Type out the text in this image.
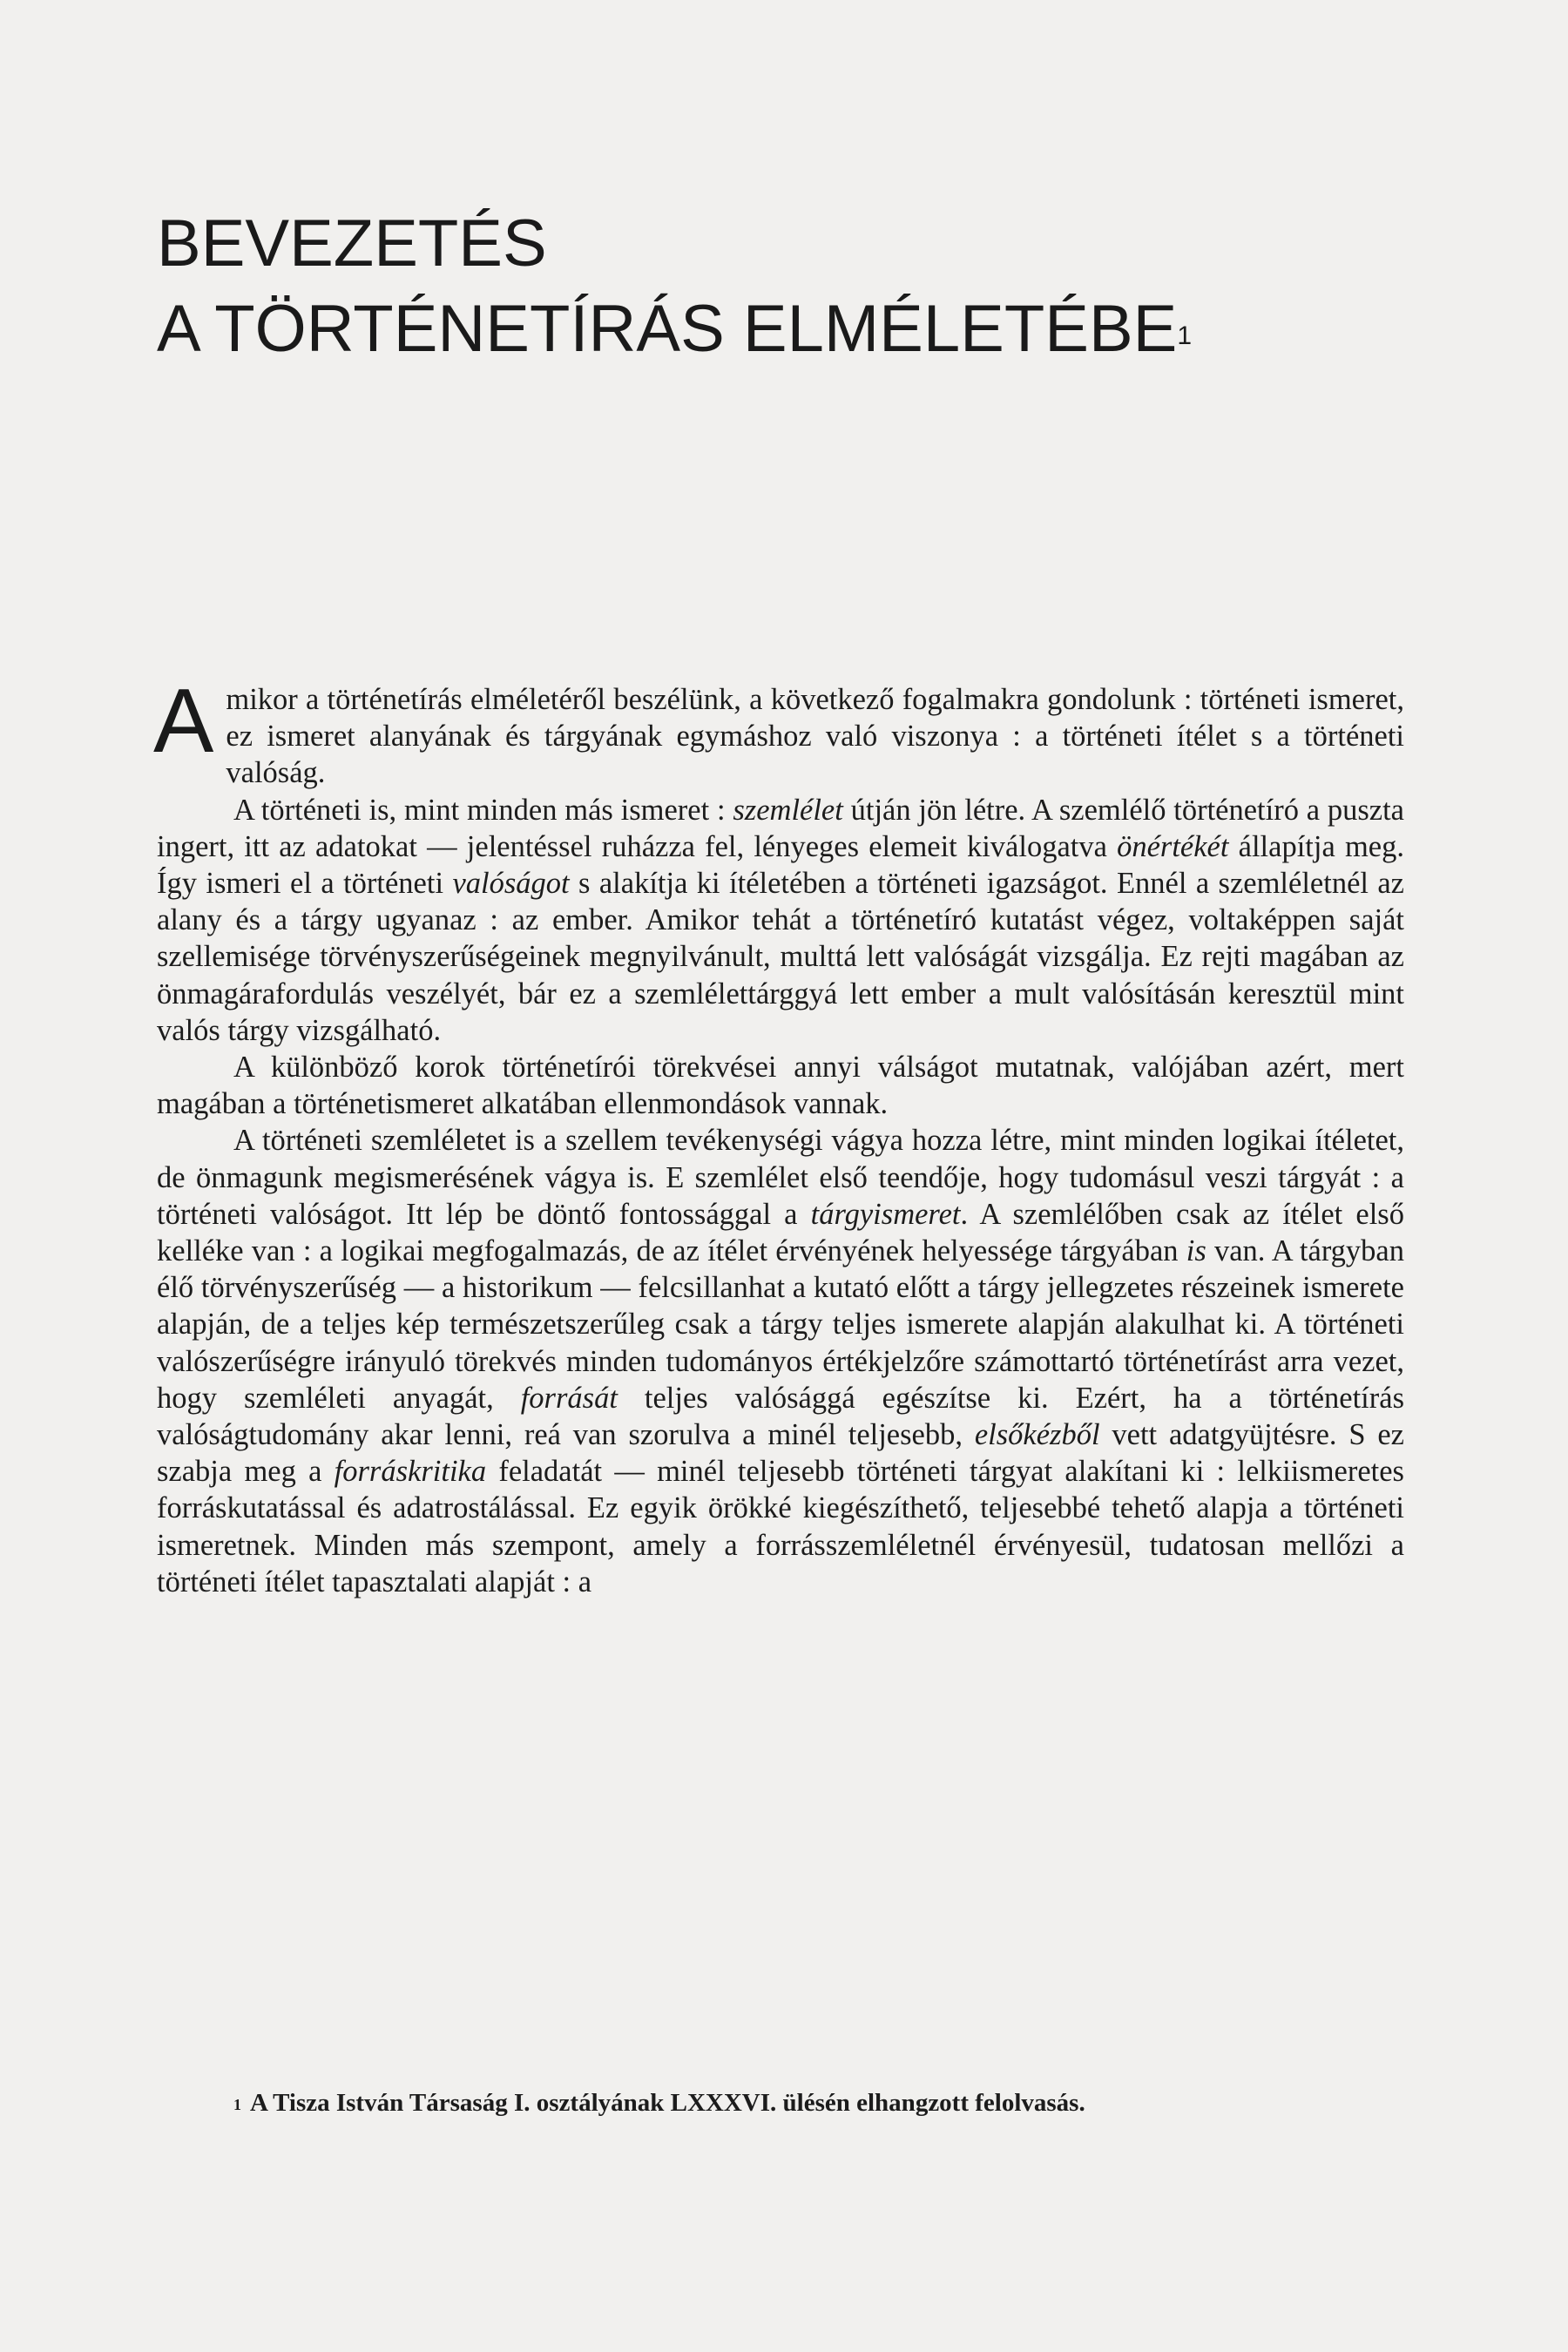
BEVEZETÉS
A TÖRTÉNETÍRÁS ELMÉLETÉBE$^1$

Amikor a történetírás elméletéről beszélünk, a következő fogalmakra gondolunk : történeti ismeret, ez ismeret alanyának és tárgyának egymáshoz való viszonya : a történeti ítélet s a történeti valóság.

A történeti is, mint minden más ismeret : szemlélet útján jön létre. A szemlélő történetíró a puszta ingert, itt az adatokat — jelentéssel ruházza fel, lényeges elemeit kiválogatva önértékét állapítja meg. Így ismeri el a történeti valóságot s alakítja ki ítéletében a történeti igazságot. Ennél a szemléletnél az alany és a tárgy ugyanaz : az ember. Amikor tehát a történetíró kutatást végez, voltaképpen saját szellemisége törvényszerűségeinek megnyilvánult, multtá lett valóságát vizsgálja. Ez rejti magában az önmagárafordulás veszélyét, bár ez a szemlélettárggyá lett ember a mult valósításán keresztül mint valós tárgy vizsgálható.

A különböző korok történetírói törekvései annyi válságot mutatnak, valójában azért, mert magában a történetismeret alkatában ellenmondások vannak.

A történeti szemléletet is a szellem tevékenységi vágya hozza létre, mint minden logikai ítéletet, de önmagunk megismerésének vágya is. E szemlélet első teendője, hogy tudomásul veszi tárgyát : a történeti valóságot. Itt lép be döntő fontossággal a tárgyismeret. A szemlélőben csak az ítélet első kelléke van : a logikai megfogalmazás, de az ítélet érvényének helyessége tárgyában is van. A tárgyban élő törvényszerűség — a historikum — felcsillanhat a kutató előtt a tárgy jellegzetes részeinek ismerete alapján, de a teljes kép természetszerűleg csak a tárgy teljes ismerete alapján alakulhat ki. A történeti valószerűségre irányuló törekvés minden tudományos értékjelzőre számottartó történetírást arra vezet, hogy szemléleti anyagát, forrását teljes valósággá egészítse ki. Ezért, ha a történetírás valóságtudomány akar lenni, reá van szorulva a minél teljesebb, elsőkézből vett adatgyüjtésre. S ez szabja meg a forráskritika feladatát — minél teljesebb történeti tárgyat alakítani ki : lelkiismeretes forráskutatással és adatrostálással. Ez egyik örökké kiegészíthető, teljesebbé tehető alapja a történeti ismeretnek. Minden más szempont, amely a forrásszemléletnél érvényesül, tudatosan mellőzi a történeti ítélet tapasztalati alapját : a

$^1$ A Tisza István Társaság I. osztályának LXXXVI. ülésén elhangzott felolvasás.
